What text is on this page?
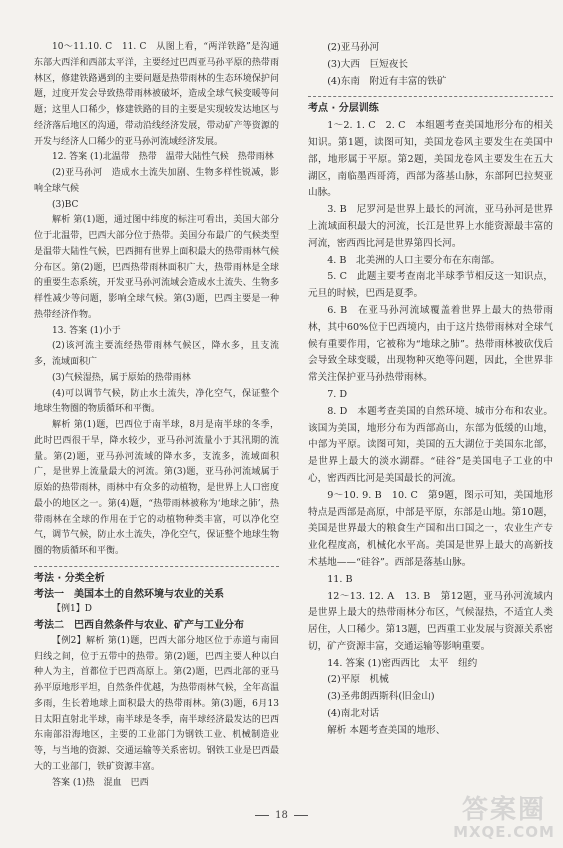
10～11.10. C　11. C　从图上看，“两洋铁路”是沟通东部大西洋和西部太平洋，主要经过巴西亚马孙平原的热带雨林区，修建铁路遇到的主要问题是热带雨林的生态环境保护问题，过度开发会导致热带雨林被破坏，造成全球气候变暖等问题；这里人口稀少，修建铁路的目的主要是实现较发达地区与经济落后地区的沟通，带动沿线经济发展，带动矿产等资源的开发与经济人口稀少的亚马孙河流域经济发展。

12. 答案 (1)北温带　热带　温带大陆性气候　热带雨林

(2)亚马孙河　造成水土流失加剧、生物多样性锐减，影响全球气候

(3)BC

解析 第(1)题，通过图中纬度的标注可看出，美国大部分位于北温带，巴西大部分位于热带。美国分布最广的气候类型是温带大陆性气候，巴西拥有世界上面积最大的热带雨林气候分布区。第(2)题，巴西热带雨林面积广大，热带雨林是全球的重要生态系统，开发亚马孙河流域会造成水土流失、生物多样性减少等问题，影响全球气候。第(3)题，巴西主要是一种热带经济作物。

13. 答案 (1)小于

(2)该河流主要流经热带雨林气候区，降水多，且支流多，流域面积广

(3)气候湿热，属于原始的热带雨林

(4)可以调节气候，防止水土流失，净化空气，保证整个地球生物圈的物质循环和平衡。

解析 第(1)题，巴西位于南半球，8月是南半球的冬季，此时巴西很干旱，降水较少，亚马孙河流量小于其汛期的流量。第(2)题，亚马孙河流域的降水多，支流多，流域面积广，是世界上流量最大的河流。第(3)题，亚马孙河流域属于原始的热带雨林，雨林中有众多的动植物，是世界上人口密度最小的地区之一。第(4)题，“热带雨林被称为‘地球之肺’，热带雨林在全球的作用在于它的动植物种类丰富，可以净化空气，调节气候，防止水土流失，净化空气，保证整个地球生物圈的物质循环和平衡。

考法 · 分类全析

考法一　美国本土的自然环境与农业的关系

【例1】D

考法二　巴西自然条件与农业、矿产与工业分布

【例2】解析 第(1)题，巴西大部分地区位于赤道与南回归线之间，位于五带中的热带。第(2)题，巴西主要人种以白种人为主，首都位于巴西高原上。第(2)题，巴西北部的亚马孙平原地形平坦，自然条件优越，为热带雨林气候，全年高温多雨，生长着地球上面积最大的热带雨林。第(3)题，6月13日太阳直射北半球，南半球是冬季，南半球经济最发达的巴西东南部沿海地区，主要的工业部门为钢铁工业、机械制造业等，与当地的资源、交通运输等关系密切。钢铁工业是巴西最大的工业部门，铁矿资源丰富。

答案 (1)热　混血　巴西

(2)亚马孙河

(3)大西　巨短夜长

(4)东南　附近有丰富的铁矿

考点 · 分层训练

1～2. 1. C　2. C　本组题考查美国地形分布的相关知识。第1题，读图可知，美国龙卷风主要发生在美国中部，地形属于平原。第2题，美国龙卷风主要发生在五大湖区，南临墨西哥湾，西部为落基山脉，东部阿巴拉契亚山脉。

3. B　尼罗河是世界上最长的河流，亚马孙河是世界上流域面积最大的河流，长江是世界上水能资源最丰富的河流，密西西比河是世界第四长河。

4. B　北美洲的人口主要分布在东南部。

5. C　此题主要考查南北半球季节相反这一知识点，元旦的时候，巴西是夏季。

6. B　在亚马孙河流域覆盖着世界上最大的热带雨林，其中60%位于巴西境内，由于这片热带雨林对全球气候有重要作用，它被称为“地球之肺”。热带雨林被砍伐后会导致全球变暖，出现物种灭绝等问题，因此，全世界非常关注保护亚马孙热带雨林。

7. D

8. D　本题考查美国的自然环境、城市分布和农业。该国为美国，地形分布为西部高山，东部为低缓的山地，中部为平原。读图可知，美国的五大湖位于美国东北部，是世界上最大的淡水湖群。“硅谷”是美国电子工业的中心，密西西比河是美国最长的河流。

9～10. 9. B　10. C　第9题，图示可知，美国地形特点是西部是高原，中部是平原，东部是山地。第10题，美国是世界最大的粮食生产国和出口国之一，农业生产专业化程度高，机械化水平高。美国是世界上最大的高新技术基地——“硅谷”。西部是落基山脉。

11. B

12～13. 12. A　13. B　第12题，亚马孙河流域内是世界上最大的热带雨林分布区，气候湿热，不适宜人类居住，人口稀少。第13题，巴西重工业发展与资源关系密切，矿产资源丰富，交通运输等影响重要。

14. 答案 (1)密西西比　太平　纽约

(2)平原　机械

(3)圣弗朗西斯科(旧金山)

(4)南北对话

解析 本题考查美国的地形、

18	答案圈
MXQE.COM
